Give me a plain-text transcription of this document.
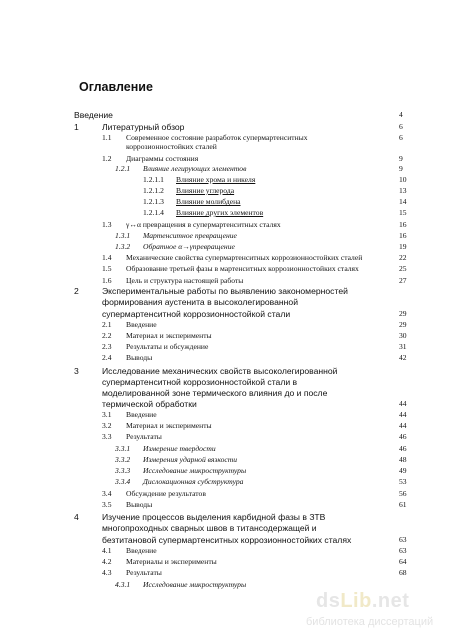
Оглавление
Введение	4
1	Литературный обзор	6
1.1 Современное состояние разработок супермартенситных	6
коррозионностойких сталей
1.2 Диаграммы состояния	9
1.2.1 Влияние легирующих элементов	9
1.2.1.1 Влияние хрома и никеля	10
1.2.1.2 Влияние углерода	13
1.2.1.3 Влияние молибдена	14
1.2.1.4 Влияние других элементов	15
1.3 γ↔α превращения в супермартенситных сталях	16
1.3.1 Мартенсиmное превращение	16
1.3.2 Обратное α→γпревращение	19
1.4 Механические свойства супермартенситных коррозионностойких сталей	22
1.5 Образование третьей фазы в мартенситных коррозионностойких сталях	25
1.6 Цель и структура настоящей работы	27
2	Экспериментальные работы по выявлению закономерностей
формирования аустенита в высоколегированной
супермартенситной коррозионностойкой стали	29
2.1 Введение	29
2.2 Материал и эксперименты	30
2.3 Результаты и обсуждение	31
2.4 Выводы	42
3	Исследование механических свойств высоколегированной
супермартенситной коррозионностойкой стали в
моделированной зоне термического влияния до и после
термической обработки	44
3.1 Введение	44
3.2 Материал и эксперименты	44
3.3 Результаты	46
3.3.1 Измерение твердости	46
3.3.2 Измерения ударной вязкости	48
3.3.3 Исследование микроструктуры	49
3.3.4 Дислокационная субструктура	53
3.4 Обсуждение результатов	56
3.5 Выводы	61
4	Изучение процессов выделения карбидной фазы в ЗТВ
многопроходных сварных швов в титансодержащей и
безтитановой супермартенситных коррозионностойких сталях	63
4.1 Введение	63
4.2 Материалы и эксперименты	64
4.3 Результаты	68
4.3.1 Исследование микроструктуры
dsLib.net
библиотека диссертаций
